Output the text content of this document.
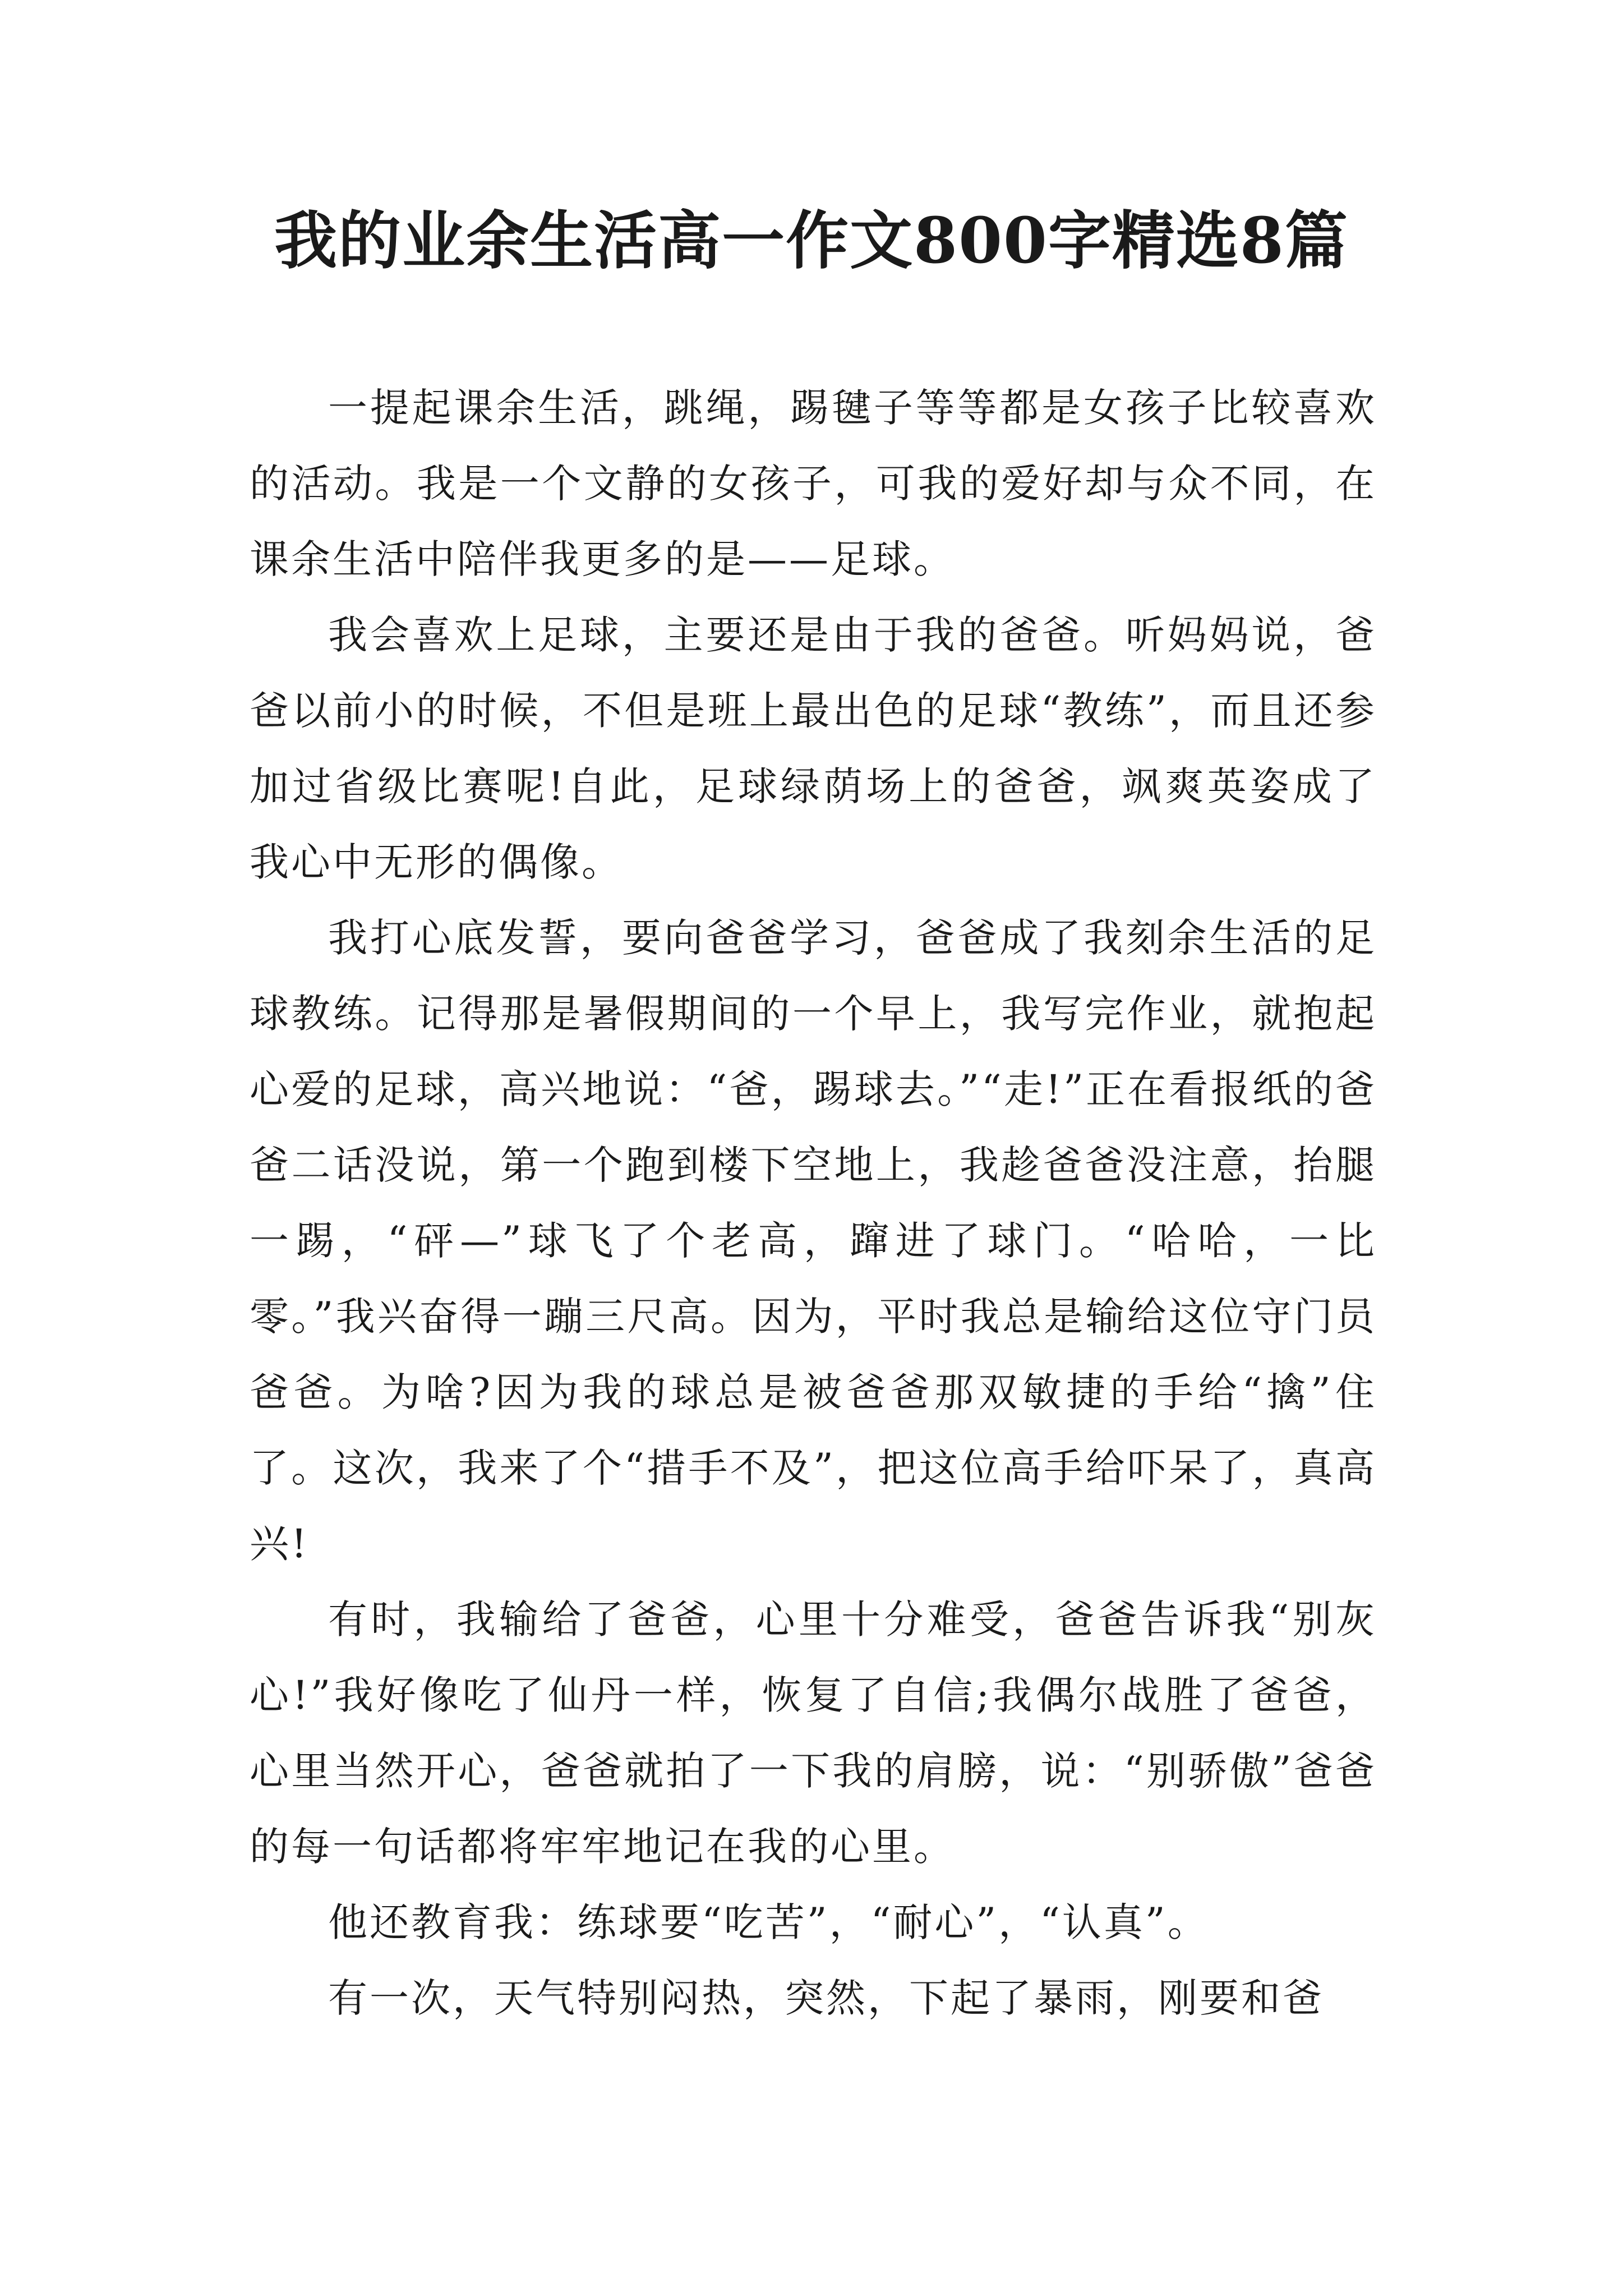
我的业余生活高一作文800字精选8篇

一提起课余生活，跳绳，踢毽子等等都是女孩子比较喜欢的活动。我是一个文静的女孩子，可我的爱好却与众不同，在课余生活中陪伴我更多的是——足球。

我会喜欢上足球，主要还是由于我的爸爸。听妈妈说，爸爸以前小的时候，不但是班上最出色的足球“教练”，而且还参加过省级比赛呢!自此，足球绿荫场上的爸爸，飒爽英姿成了我心中无形的偶像。

我打心底发誓，要向爸爸学习，爸爸成了我刻余生活的足球教练。记得那是暑假期间的一个早上，我写完作业，就抱起心爱的足球，高兴地说：“爸，踢球去。”“走!”正在看报纸的爸爸二话没说，第一个跑到楼下空地上，我趁爸爸没注意，抬腿一踢，“砰—”球飞了个老高，蹿进了球门。“哈哈，一比零。”我兴奋得一蹦三尺高。因为，平时我总是输给这位守门员爸爸。为啥?因为我的球总是被爸爸那双敏捷的手给“擒”住了。这次，我来了个“措手不及”，把这位高手给吓呆了，真高兴!

有时，我输给了爸爸，心里十分难受，爸爸告诉我“别灰心!”我好像吃了仙丹一样，恢复了自信;我偶尔战胜了爸爸，心里当然开心，爸爸就拍了一下我的肩膀，说：“别骄傲”爸爸的每一句话都将牢牢地记在我的心里。

他还教育我：练球要“吃苦”，“耐心”，“认真”。

有一次，天气特别闷热，突然，下起了暴雨，刚要和爸
